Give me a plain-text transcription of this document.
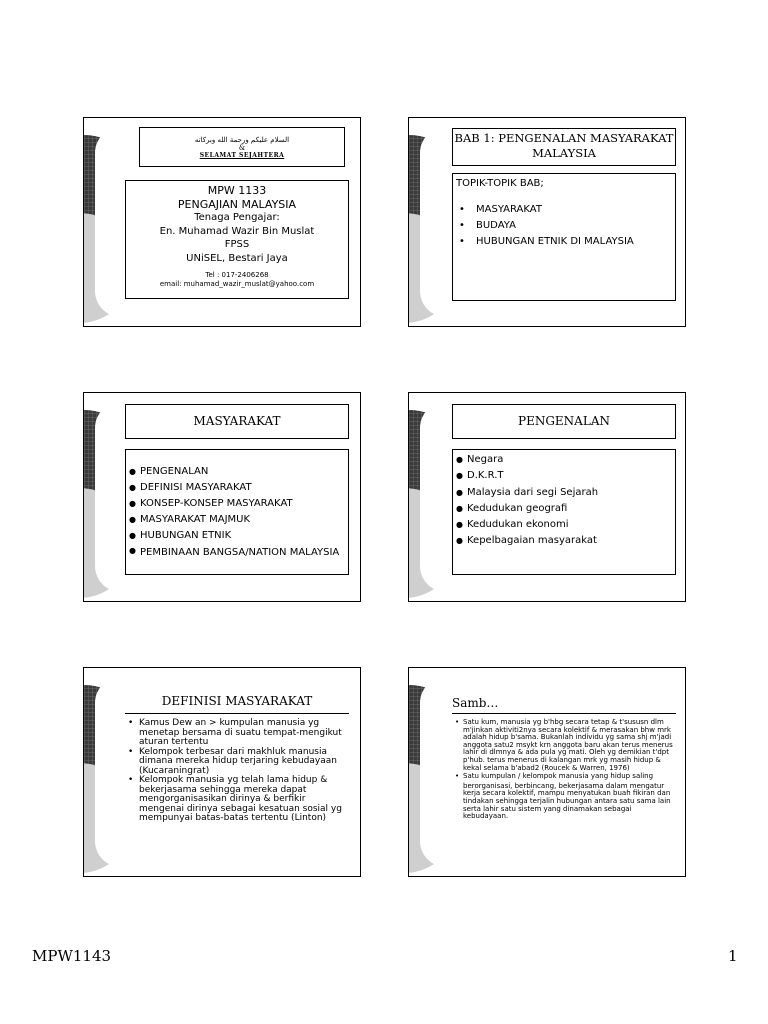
السلام عليكم ورحمة الله وبركاته
&
SELAMAT SEJAHTERA
MPW 1133
PENGAJIAN MALAYSIA
Tenaga Pengajar:
En. Muhamad Wazir Bin Muslat
FPSS
UNiSEL, Bestari Jaya
Tel : 017-2406268
email: muhamad_wazir_muslat@yahoo.com
BAB 1: PENGENALAN MASYARAKAT MALAYSIA
TOPIK-TOPIK BAB;
• MASYARAKAT
• BUDAYA
• HUBUNGAN ETNIK DI MALAYSIA
MASYARAKAT
● PENGENALAN
● DEFINISI MASYARAKAT
● KONSEP-KONSEP MASYARAKAT
● MASYARAKAT MAJMUK
● HUBUNGAN ETNIK
● PEMBINAAN BANGSA/NATION MALAYSIA
PENGENALAN
● Negara
● D.K.R.T
● Malaysia dari segi Sejarah
● Kedudukan geografi
● Kedudukan ekonomi
● Kepelbagaian masyarakat
DEFINISI MASYARAKAT
• Kamus Dew an > kumpulan manusia yg menetap bersama di suatu tempat-mengikut aturan tertentu
• Kelompok terbesar dari makhluk manusia dimana mereka hidup terjaring kebudayaan (Kucaraningrat)
• Kelompok manusia yg telah lama hidup & bekerjasama sehingga mereka dapat mengorganisasikan dirinya & berfikir mengenai dirinya sebagai kesatuan sosial yg mempunyai batas-batas tertentu (Linton)
Samb…
• Satu kum, manusia yg b'hbg secara tetap & t'sususn dlm m'jinkan aktiviti2nya secara kolektif & merasakan bhw mrk adalah hidup b'sama. Bukanlah individu yg sama shj m'jadi anggota satu2 msykt krn anggota baru akan terus menerus lahir di dlmnya & ada pula yg mati. Oleh yg demikian t'dpt p'hub. terus menerus di kalangan mrk yg masih hidup & kekal selama b'abad2 (Roucek & Warren, 1976)
• Satu kumpulan / kelompok manusia yang hidup saling
berorganisasi, berbincang, bekerjasama dalam mengatur kerja secara kolektif, mampu menyatukan buah fikiran dan tindakan sehingga terjalin hubungan antara satu sama lain serta lahir satu sistem yang dinamakan sebagai kebudayaan.
MPW1143	1
